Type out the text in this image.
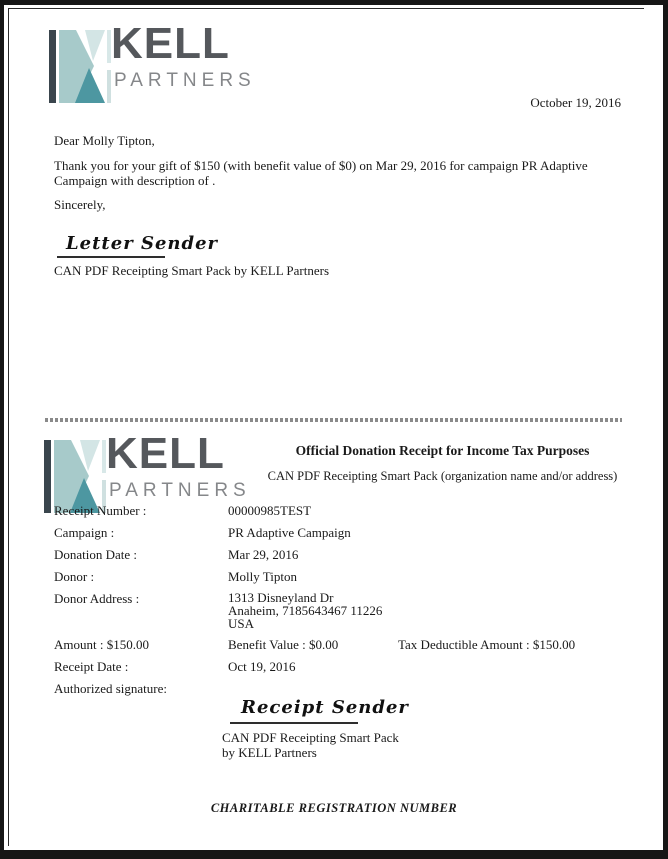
KELL
PARTNERS
October 19, 2016
Dear Molly Tipton,
Thank you for your gift of $150 (with benefit value of $0) on Mar 29, 2016 for campaign PR Adaptive Campaign with description of .
Sincerely,
Letter Sender
CAN PDF Receipting Smart Pack by KELL Partners
KELL
PARTNERS
Official Donation Receipt for Income Tax Purposes
CAN PDF Receipting Smart Pack (organization name and/or address)
Receipt Number :	00000985TEST
Campaign :	PR Adaptive Campaign
Donation Date :	Mar 29, 2016
Donor :	Molly Tipton
Donor Address :	1313 Disneyland Dr
Anaheim, 7185643467 11226
USA
Amount : $150.00	Benefit Value : $0.00	Tax Deductible Amount : $150.00
Receipt Date :	Oct 19, 2016
Authorized signature:
Receipt Sender
CAN PDF Receipting Smart Pack
by KELL Partners
CHARITABLE REGISTRATION NUMBER
